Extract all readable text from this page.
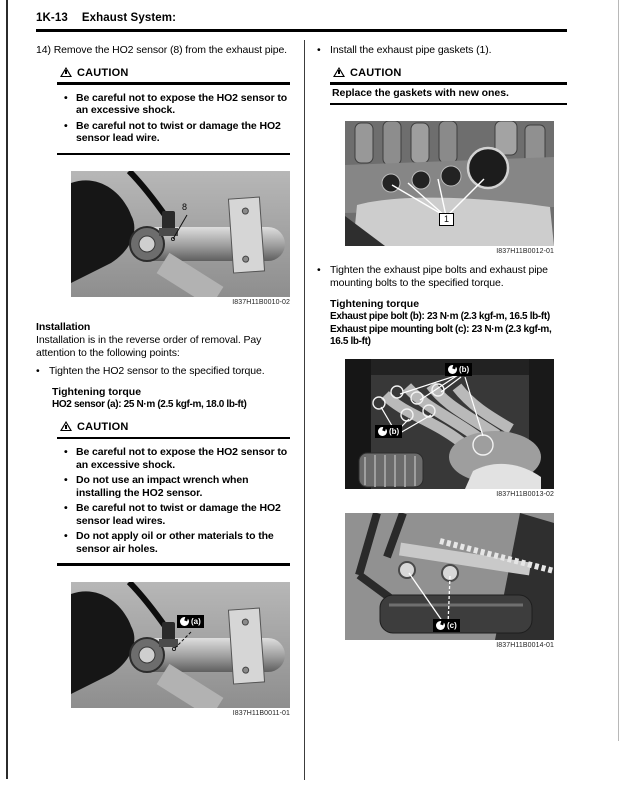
1K-13 Exhaust System:

14) Remove the HO2 sensor (8) from the exhaust pipe.

CAUTION
• Be careful not to expose the HO2 sensor to an excessive shock.

• Be careful not to twist or damage the HO2 sensor lead wire.

8
I837H11B0010-02

Installation

Installation is in the reverse order of removal. Pay attention to the following points:

• Tighten the HO2 sensor to the specified torque.

Tightening torque

HO2 sensor (a): 25 N·m (2.5 kgf-m, 18.0 lb-ft)

CAUTION
• Be careful not to expose the HO2 sensor to an excessive shock.

• Do not use an impact wrench when installing the HO2 sensor.

• Be careful not to twist or damage the HO2 sensor lead wires.

• Do not apply oil or other materials to the sensor air holes.

(a)
I837H11B0011-01
• Install the exhaust pipe gaskets (1).

CAUTION

Replace the gaskets with new ones.

1
I837H11B0012-01
• Tighten the exhaust pipe bolts and exhaust pipe mounting bolts to the specified torque.

Tightening torque

Exhaust pipe bolt (b): 23 N·m (2.3 kgf-m, 16.5 lb-ft)

Exhaust pipe mounting bolt (c): 23 N·m (2.3 kgf-m, 16.5 lb-ft)

(b)
(b)
I837H11B0013-02
(c)
I837H11B0014-01
